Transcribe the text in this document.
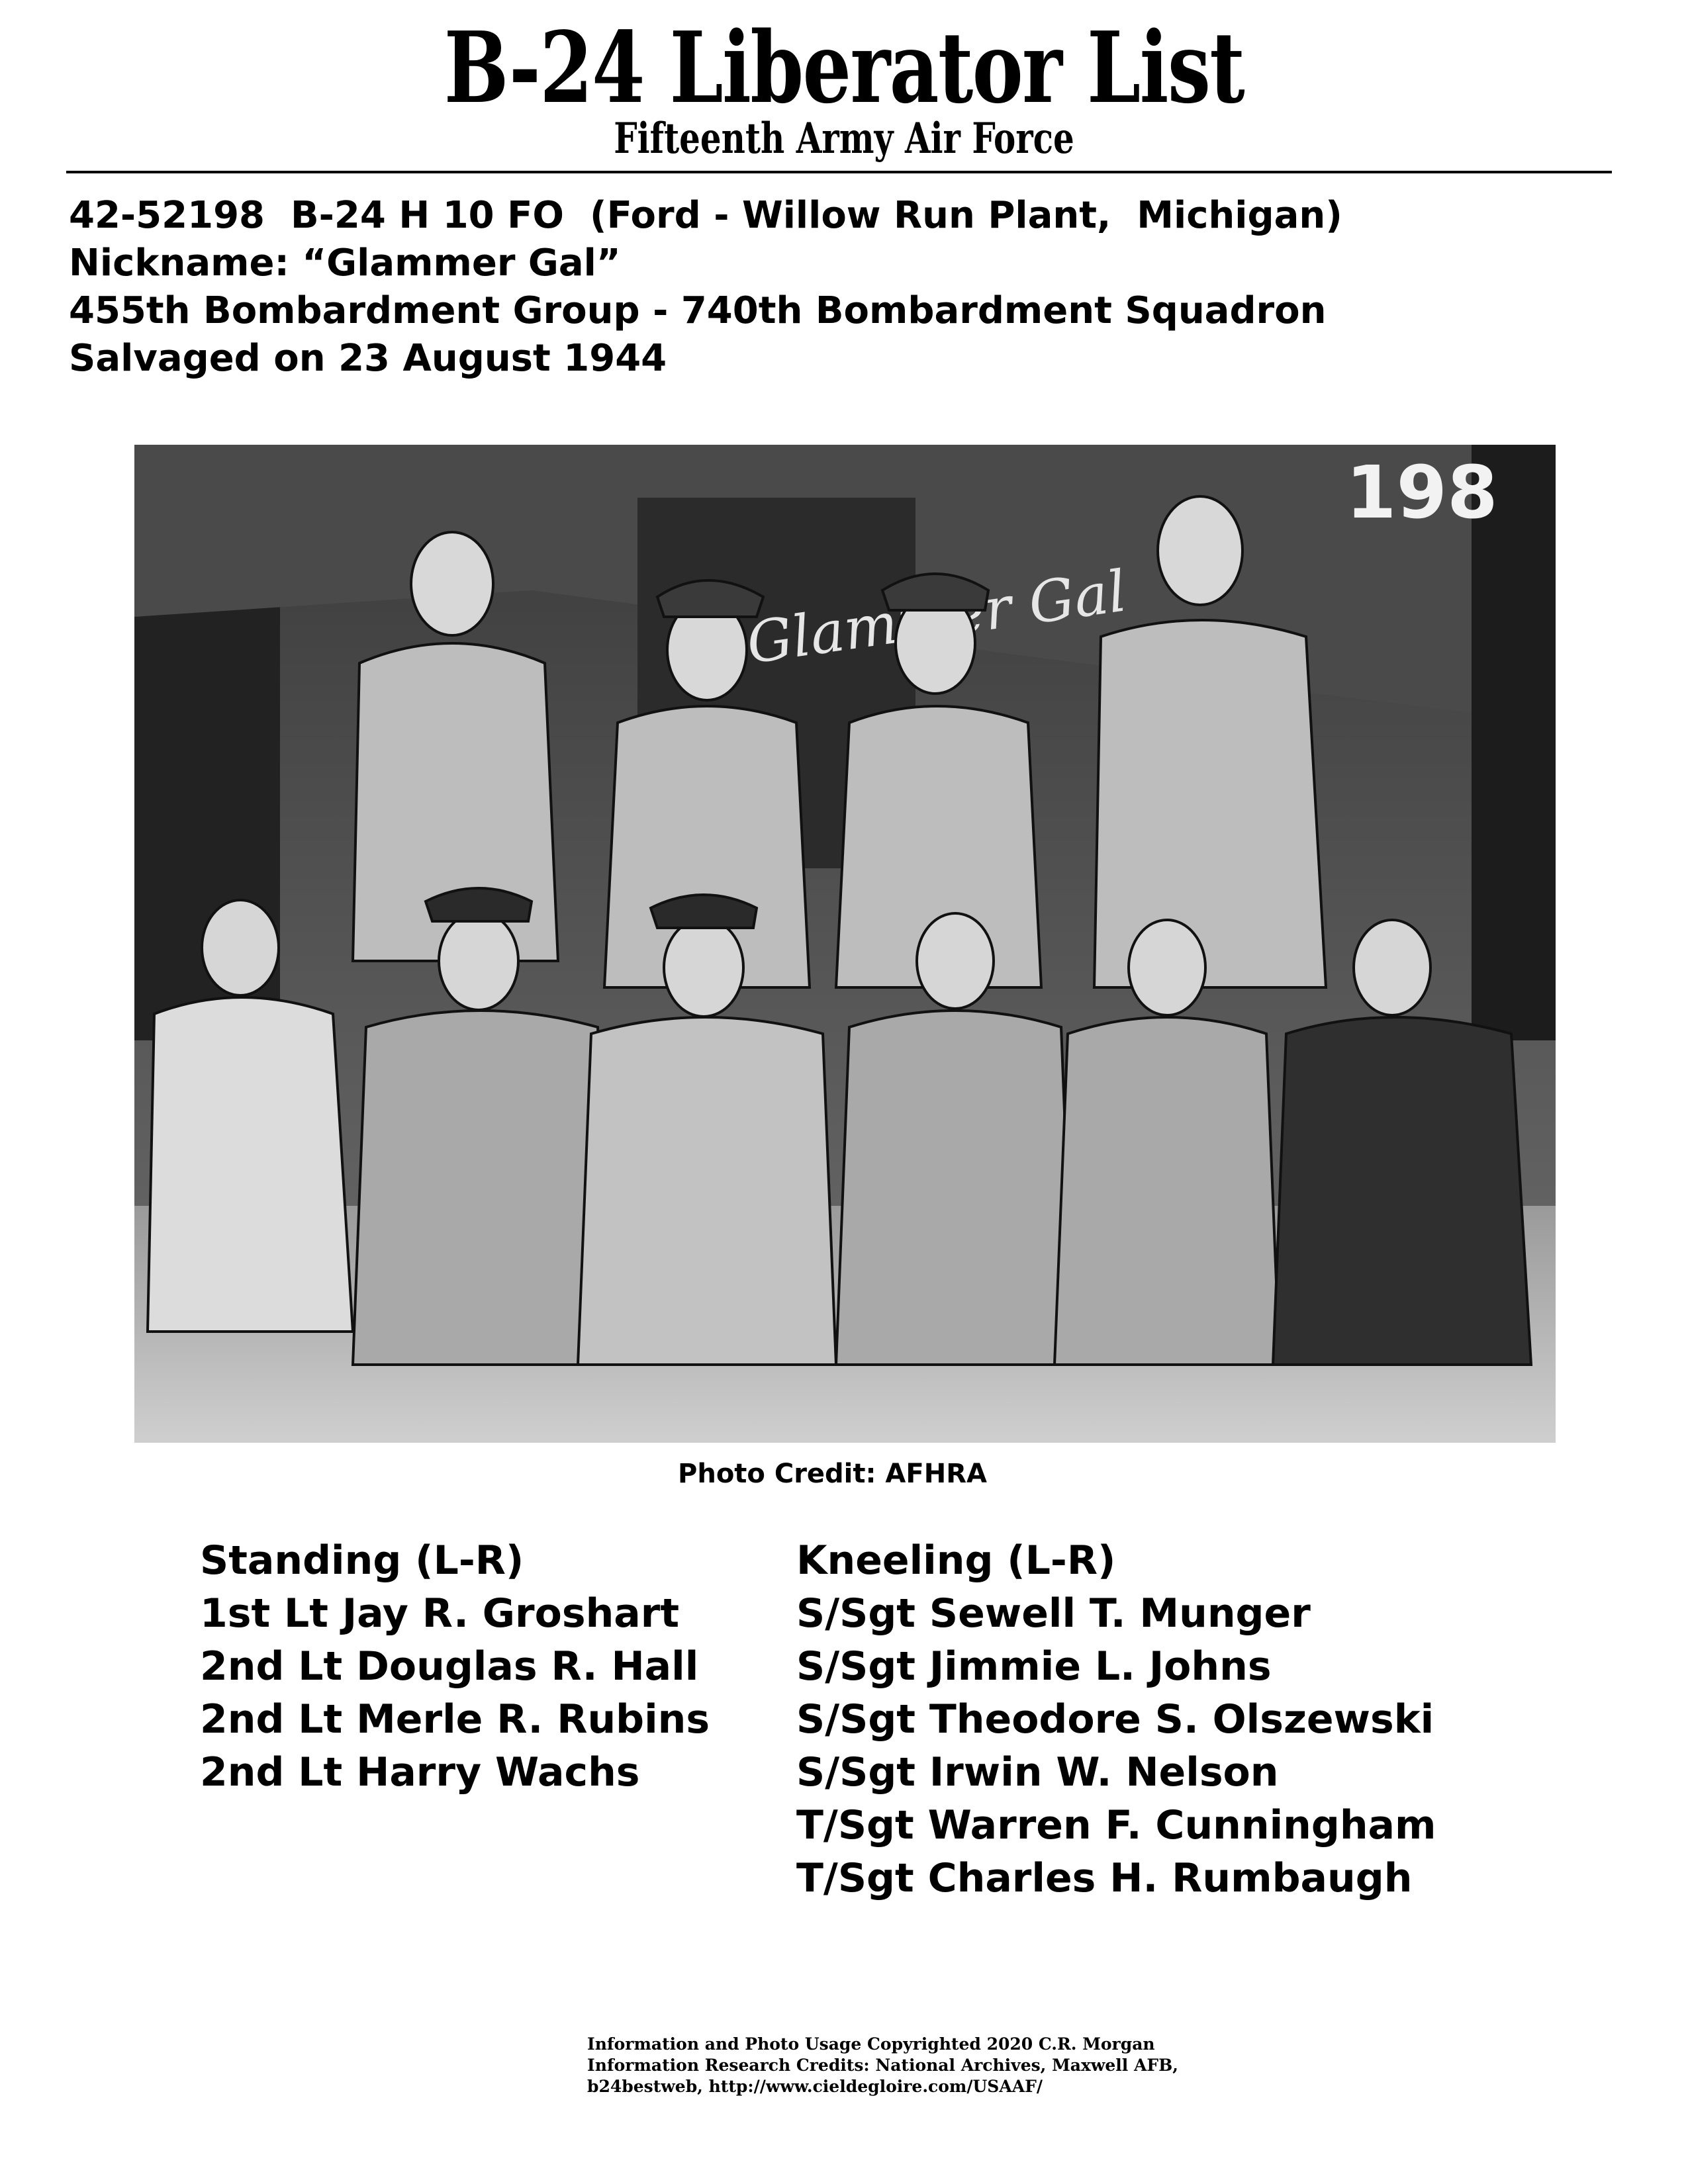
B-24 Liberator List
Fifteenth Army Air Force
42-52198  B-24 H 10 FO  (Ford - Willow Run Plant,  Michigan)
Nickname: “Glammer Gal”
455th Bombardment Group - 740th Bombardment Squadron
Salvaged on 23 August 1944
198
Glammer Gal
Photo Credit: AFHRA
Standing (L-R)
1st Lt Jay R. Groshart
2nd Lt Douglas R. Hall
2nd Lt Merle R. Rubins
2nd Lt Harry Wachs
Kneeling (L-R)
S/Sgt Sewell T. Munger
S/Sgt Jimmie L. Johns
S/Sgt Theodore S. Olszewski
S/Sgt Irwin W. Nelson
T/Sgt Warren F. Cunningham
T/Sgt Charles H. Rumbaugh
Information and Photo Usage Copyrighted 2020 C.R. Morgan
Information Research Credits: National Archives, Maxwell AFB,
b24bestweb, http://www.cieldegloire.com/USAAF/
